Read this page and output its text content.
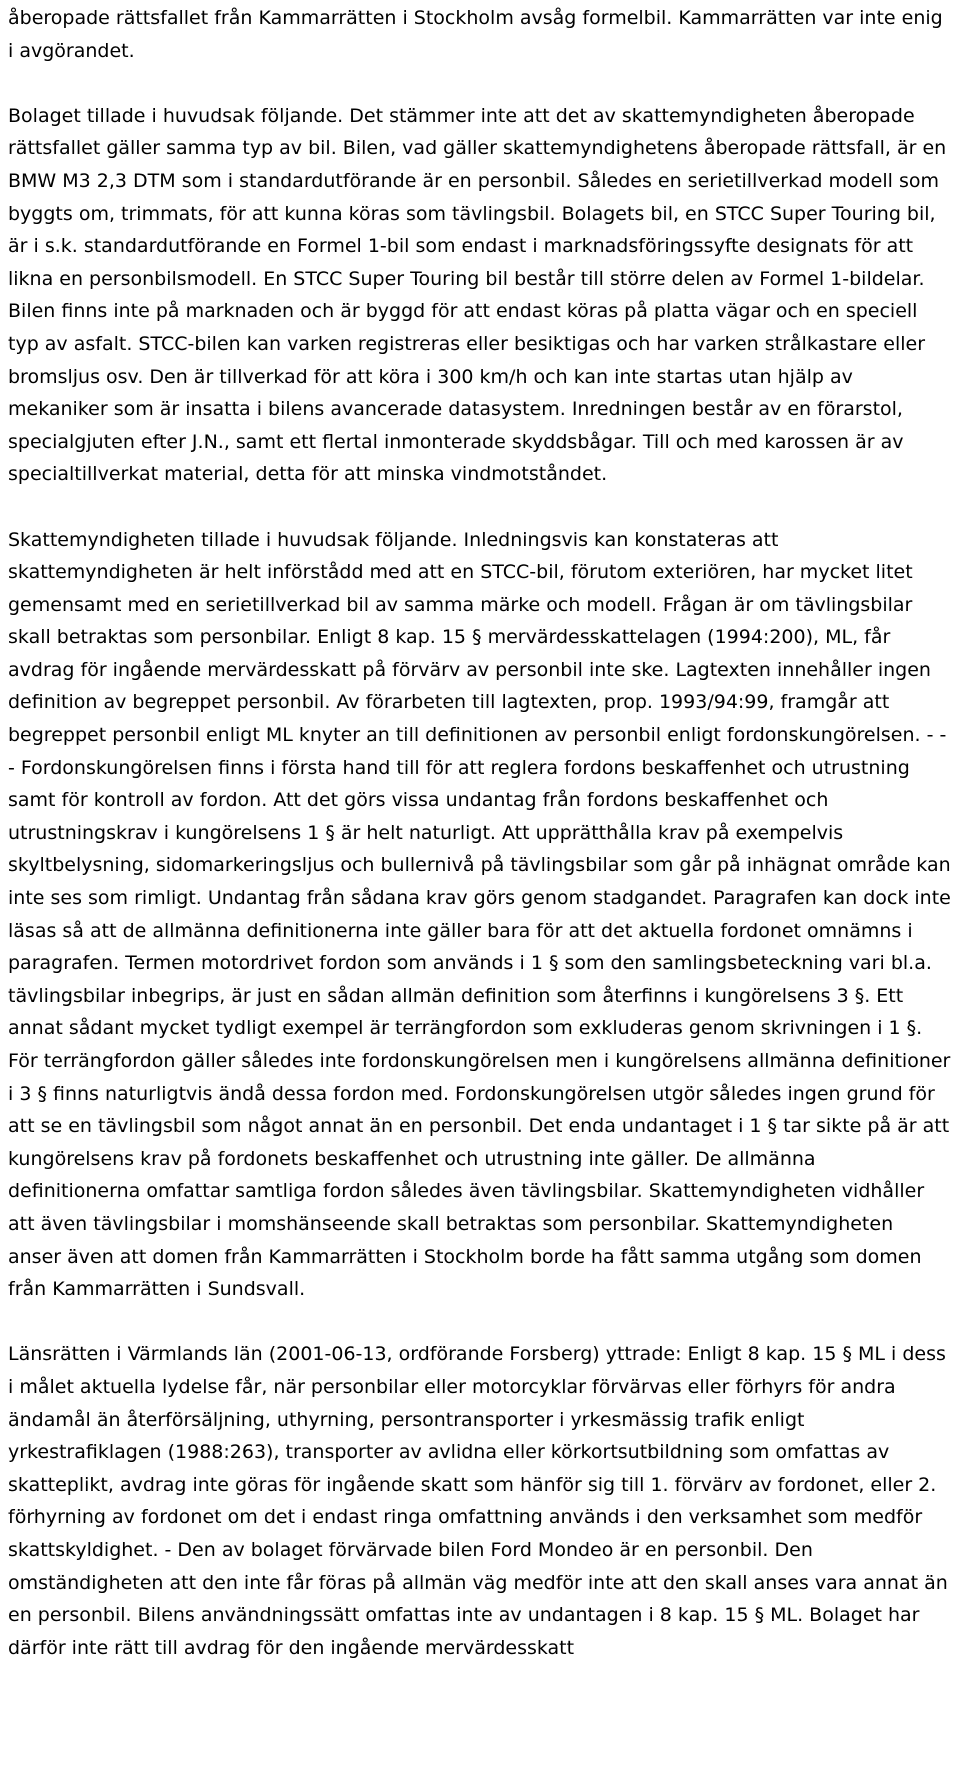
åberopade rättsfallet från Kammarrätten i Stockholm avsåg formelbil. Kammarrätten var inte enig i avgörandet.

Bolaget tillade i huvudsak följande. Det stämmer inte att det av skattemyndigheten åberopade rättsfallet gäller samma typ av bil. Bilen, vad gäller skattemyndighetens åberopade rättsfall, är en BMW M3 2,3 DTM som i standardutförande är en personbil. Således en serietillverkad modell som byggts om, trimmats, för att kunna köras som tävlingsbil. Bolagets bil, en STCC Super Touring bil, är i s.k. standardutförande en Formel 1-bil som endast i marknadsföringssyfte designats för att likna en personbilsmodell. En STCC Super Touring bil består till större delen av Formel 1-bildelar. Bilen finns inte på marknaden och är byggd för att endast köras på platta vägar och en speciell typ av asfalt. STCC-bilen kan varken registreras eller besiktigas och har varken strålkastare eller bromsljus osv. Den är tillverkad för att köra i 300 km/h och kan inte startas utan hjälp av mekaniker som är insatta i bilens avancerade datasystem. Inredningen består av en förarstol, specialgjuten efter J.N., samt ett flertal inmonterade skyddsbågar. Till och med karossen är av specialtillverkat material, detta för att minska vindmotståndet.

Skattemyndigheten tillade i huvudsak följande. Inledningsvis kan konstateras att skattemyndigheten är helt införstådd med att en STCC-bil, förutom exteriören, har mycket litet gemensamt med en serietillverkad bil av samma märke och modell. Frågan är om tävlingsbilar skall betraktas som personbilar. Enligt 8 kap. 15 § mervärdesskattelagen (1994:200), ML, får avdrag för ingående mervärdesskatt på förvärv av personbil inte ske. Lagtexten innehåller ingen definition av begreppet personbil. Av förarbeten till lagtexten, prop. 1993/94:99, framgår att begreppet personbil enligt ML knyter an till definitionen av personbil enligt fordonskungörelsen. - - - Fordonskungörelsen finns i första hand till för att reglera fordons beskaffenhet och utrustning samt för kontroll av fordon. Att det görs vissa undantag från fordons beskaffenhet och utrustningskrav i kungörelsens 1 § är helt naturligt. Att upprätthålla krav på exempelvis skyltbelysning, sidomarkeringsljus och bullernivå på tävlingsbilar som går på inhägnat område kan inte ses som rimligt. Undantag från sådana krav görs genom stadgandet. Paragrafen kan dock inte läsas så att de allmänna definitionerna inte gäller bara för att det aktuella fordonet omnämns i paragrafen. Termen motordrivet fordon som används i 1 § som den samlingsbeteckning vari bl.a. tävlingsbilar inbegrips, är just en sådan allmän definition som återfinns i kungörelsens 3 §. Ett annat sådant mycket tydligt exempel är terrängfordon som exkluderas genom skrivningen i 1 §. För terrängfordon gäller således inte fordonskungörelsen men i kungörelsens allmänna definitioner i 3 § finns naturligtvis ändå dessa fordon med. Fordonskungörelsen utgör således ingen grund för att se en tävlingsbil som något annat än en personbil. Det enda undantaget i 1 § tar sikte på är att kungörelsens krav på fordonets beskaffenhet och utrustning inte gäller. De allmänna definitionerna omfattar samtliga fordon således även tävlingsbilar. Skattemyndigheten vidhåller att även tävlingsbilar i momshänseende skall betraktas som personbilar. Skattemyndigheten anser även att domen från Kammarrätten i Stockholm borde ha fått samma utgång som domen från Kammarrätten i Sundsvall.

Länsrätten i Värmlands län (2001-06-13, ordförande Forsberg) yttrade: Enligt 8 kap. 15 § ML i dess i målet aktuella lydelse får, när personbilar eller motorcyklar förvärvas eller förhyrs för andra ändamål än återförsäljning, uthyrning, persontransporter i yrkesmässig trafik enligt yrkestrafiklagen (1988:263), transporter av avlidna eller körkortsutbildning som omfattas av skatteplikt, avdrag inte göras för ingående skatt som hänför sig till 1. förvärv av fordonet, eller 2. förhyrning av fordonet om det i endast ringa omfattning används i den verksamhet som medför skattskyldighet. - Den av bolaget förvärvade bilen Ford Mondeo är en personbil. Den omständigheten att den inte får föras på allmän väg medför inte att den skall anses vara annat än en personbil. Bilens användningssätt omfattas inte av undantagen i 8 kap. 15 § ML. Bolaget har därför inte rätt till avdrag för den ingående mervärdesskatt
